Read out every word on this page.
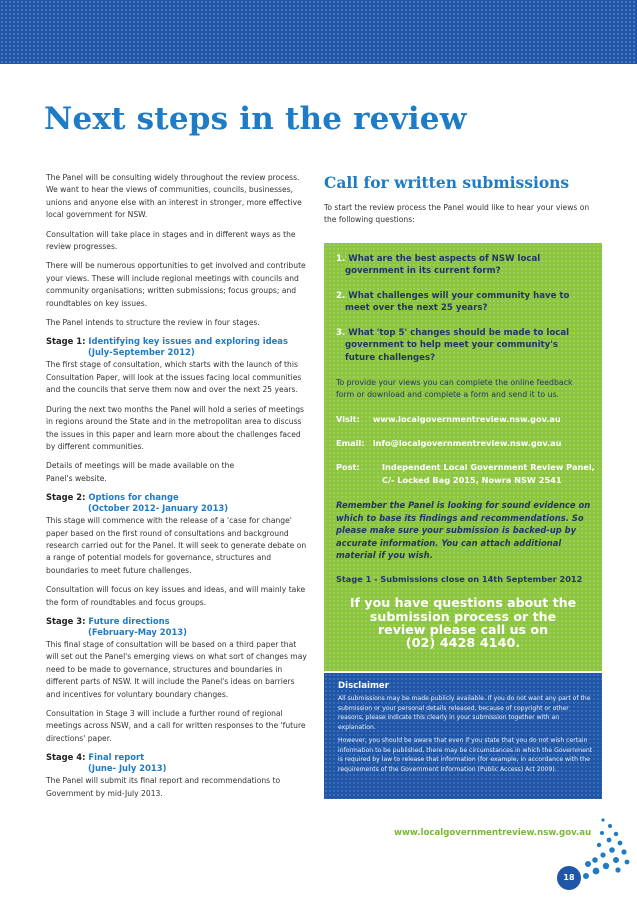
Next steps in the review

The Panel will be consulting widely throughout the review process. We want to hear the views of communities, councils, businesses, unions and anyone else with an interest in stronger, more effective local government for NSW.

Consultation will take place in stages and in different ways as the review progresses.

There will be numerous opportunities to get involved and contribute your views. These will include regional meetings with councils and community organisations; written submissions; focus groups; and roundtables on key issues.

The Panel intends to structure the review in four stages.

Stage 1: Identifying key issues and exploring ideas
(July-September 2012)

The first stage of consultation, which starts with the launch of this Consultation Paper, will look at the issues facing local communities and the councils that serve them now and over the next 25 years.

During the next two months the Panel will hold a series of meetings in regions around the State and in the metropolitan area to discuss the issues in this paper and learn more about the challenges faced by different communities.

Details of meetings will be made available on the Panel's website.

Stage 2: Options for change
(October 2012- January 2013)

This stage will commence with the release of a 'case for change' paper based on the first round of consultations and background research carried out for the Panel. It will seek to generate debate on a range of potential models for governance, structures and boundaries to meet future challenges.

Consultation will focus on key issues and ideas, and will mainly take the form of roundtables and focus groups.

Stage 3: Future directions
(February-May 2013)

This final stage of consultation will be based on a third paper that will set out the Panel's emerging views on what sort of changes may need to be made to governance, structures and boundaries in different parts of NSW. It will include the Panel's ideas on barriers and incentives for voluntary boundary changes.

Consultation in Stage 3 will include a further round of regional meetings across NSW, and a call for written responses to the 'future directions' paper.

Stage 4: Final report
(June- July 2013)

The Panel will submit its final report and recommendations to Government by mid-July 2013.

Call for written submissions

To start the review process the Panel would like to hear your views on the following questions:

1. What are the best aspects of NSW local
government in its current form?
2. What challenges will your community have to
meet over the next 25 years?
3. What 'top 5' changes should be made to local
government to help meet your community's
future challenges?
To provide your views you can complete the online feedback form or download and complete a form and send it to us.
Visit: www.localgovernmentreview.nsw.gov.au
Email: info@localgovernmentreview.nsw.gov.au
Post:	Independent Local Government Review Panel,
C/- Locked Bag 2015, Nowra NSW 2541
Remember the Panel is looking for sound evidence on which to base its findings and recommendations. So please make sure your submission is backed-up by accurate information. You can attach additional material if you wish.
Stage 1 - Submissions close on 14th September 2012
If you have questions about the submission process or the review please call us on
(02) 4428 4140.
Disclaimer
All submissions may be made publicly available. If you do not want any part of the submission or your personal details released, because of copyright or other reasons, please indicate this clearly in your submission together with an explanation.
However, you should be aware that even if you state that you do not wish certain information to be published, there may be circumstances in which the Government is required by law to release that information (for example, in accordance with the requirements of the Government Information (Public Access) Act 2009).
www.localgovernmentreview.nsw.gov.au
18
